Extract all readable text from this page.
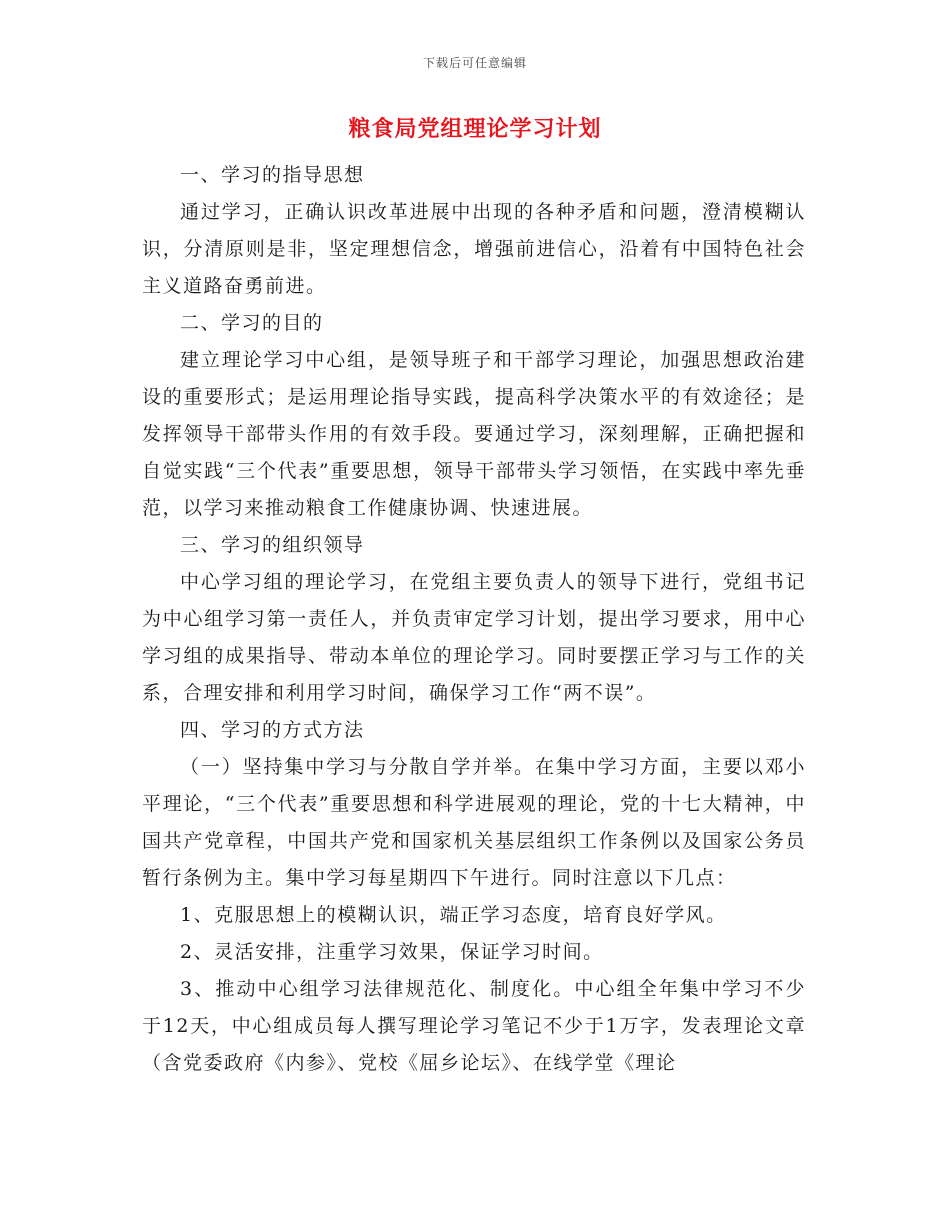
下载后可任意编辑
粮食局党组理论学习计划

一、学习的指导思想

通过学习，正确认识改革进展中出现的各种矛盾和问题，澄清模糊认识，分清原则是非，坚定理想信念，增强前进信心，沿着有中国特色社会主义道路奋勇前进。

二、学习的目的

建立理论学习中心组，是领导班子和干部学习理论，加强思想政治建设的重要形式；是运用理论指导实践，提高科学决策水平的有效途径；是发挥领导干部带头作用的有效手段。要通过学习，深刻理解，正确把握和自觉实践“三个代表”重要思想，领导干部带头学习领悟，在实践中率先垂范，以学习来推动粮食工作健康协调、快速进展。

三、学习的组织领导

中心学习组的理论学习，在党组主要负责人的领导下进行，党组书记为中心组学习第一责任人，并负责审定学习计划，提出学习要求，用中心学习组的成果指导、带动本单位的理论学习。同时要摆正学习与工作的关系，合理安排和利用学习时间，确保学习工作“两不误”。

四、学习的方式方法

（一）坚持集中学习与分散自学并举。在集中学习方面，主要以邓小平理论，“三个代表”重要思想和科学进展观的理论，党的十七大精神，中国共产党章程，中国共产党和国家机关基层组织工作条例以及国家公务员暂行条例为主。集中学习每星期四下午进行。同时注意以下几点：

1、克服思想上的模糊认识，端正学习态度，培育良好学风。

2、灵活安排，注重学习效果，保证学习时间。

3、推动中心组学习法律规范化、制度化。中心组全年集中学习不少于12天，中心组成员每人撰写理论学习笔记不少于1万字，发表理论文章（含党委政府《内参》、党校《屈乡论坛》、在线学堂《理论
